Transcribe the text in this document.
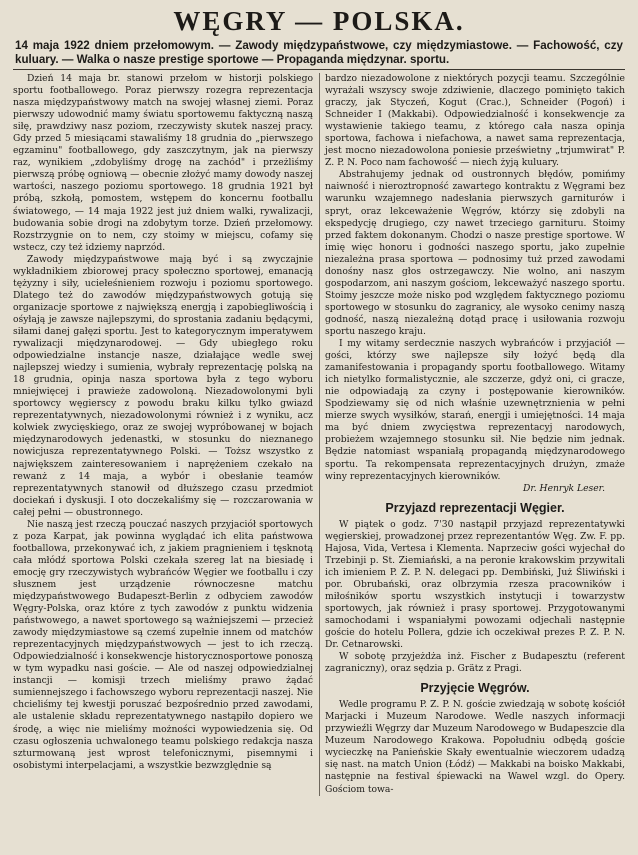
WĘGRY — POLSKA.
14 maja 1922 dniem przełomowym. — Zawody międzypaństwowe, czy międzymiastowe. — Fachowość, czy kuluary. — Walka o nasze prestige sportowe — Propaganda międzynar. sportu.

Dzień 14 maja br. stanowi przełom w historji polskiego sportu footballowego. Poraz pierwszy rozegra reprezentacja nasza międzypaństwowy match na swojej własnej ziemi. Poraz pierwszy udowodnić mamy światu sportowemu faktyczną naszą siłę, prawdziwy nasz poziom, rzeczywisty skutek naszej pracy. Gdy przed 5 miesiącami stawaliśmy 18 grudnia do „pierwszego egzaminu" footballowego, gdy zaszczytnym, jak na pierwszy raz, wynikiem „zdobyliśmy drogę na zachód" i przeżliśmy pierwszą próbę ogniową — obecnie złożyć mamy dowody naszej wartości, naszego poziomu sportowego. 18 grudnia 1921 był próbą, szkołą, pomostem, wstępem do koncernu footballu światowego, — 14 maja 1922 jest już dniem walki, rywalizacji, budowania sobie drogi na zdobytym torze. Dzień przełomowy. Rozstrzygnie on to nem, czy stoimy w miejscu, cofamy się wstecz, czy też idziemy naprzód.

Zawody międzypaństwowe mają być i są zwyczajnie wykładnikiem zbiorowej pracy społeczno sportowej, emanacją tężyzny i siły, uciełeśnieniem rozwoju i poziomu sportowego. Dlatego też do zawodów międzypaństwowych gotują się organizacje sportowe z największą energją i zapobiegliwością i ośyłają je zawsze najlepszymi, do sprostania zadaniu będącymi, siłami danej gałęzi sportu. Jest to kategorycznym imperatywem rywalizacji międzynarodowej. — Gdy ubiegłego roku odpowiedzialne instancje nasze, działające wedle swej najlepszej wiedzy i sumienia, wybrały reprezentację polską na 18 grudnia, opinja nasza sportowa była z tego wyboru mniejwięcej i prawieże zadowoloną. Niezadowolonymi byli sportowcy węgierscy z powodu braku kilku tylko gwiazd reprezentatywnych, niezadowolonymi również i z wyniku, acz kolwiek zwycięskiego, oraz ze swojej wypróbowanej w bojach międzynarodowych jedenastki, w stosunku do nieznanego nowicjusza reprezentatywnego Polski. — Toższ wszystko z największem zainteresowaniem i naprężeniem czekało na rewanż z 14 maja, a wybór i obesłanie teamów reprezentatywnych stanowił od dłuższego czasu przedmiot dociekań i dyskusji. I oto doczekaliśmy się — rozczarowania w całej pełni — obustronnego.

Nie naszą jest rzeczą pouczać naszych przyjaciół sportowych z poza Karpat, jak powinna wyglądać ich elita państwowa footballowa, przekonywać ich, z jakiem pragnieniem i tęsknotą cała młódź sportowa Polski czekała szereg lat na biesiadę i emocję gry rzeczywistych wybrańców Węgier we footballu i czy słusznem jest urządzenie równoczesne matchu międzypaństwowego Budapeszt-Berlin z odbyciem zawodów Węgry-Polska, oraz które z tych zawodów z punktu widzenia państwowego, a nawet sportowego są ważniejszemi — przecież zawody międzymiastowe są czemś zupełnie innem od matchów reprezentacyjnych międzypaństwowych — jest to ich rzeczą. Odpowiedzialność i konsekwencje historycznosportowe ponoszą w tym wypadku nasi goście. — Ale od naszej odpowiedzialnej instancji — komisji trzech mieliśmy prawo żądać sumiennejszego i fachowszego wyboru reprezentacji naszej. Nie chcieliśmy tej kwestji poruszać bezpośrednio przed zawodami, ale ustalenie składu reprezentatywnego nastąpiło dopiero we środę, a więc nie mieliśmy możności wypowiedzenia się. Od czasu ogłoszenia uchwalonego teamu polskiego redakcja nasza szturmowaną jest wprost telefonicznymi, pisemnymi i osobistymi interpelacjami, a wszystkie bezwzględnie są

bardzo niezadowolone z niektórych pozycji teamu. Szczególnie wyrażali wszyscy swoje zdziwienie, dlaczego pominięto takich graczy, jak Styczeń, Kogut (Crac.), Schneider (Pogoń) i Schneider I (Makkabi). Odpowiedzialność i konsekwencje za wystawienie takiego teamu, z którego cała nasza opinja sportowa, fachowa i niefachowa, a nawet sama reprezentacja, jest mocno niezadowolona poniesie prześwietny „trjumwirat" P. Z. P. N. Poco nam fachowość — niech żyją kuluary.

Abstrahujemy jednak od oustronnych błędów, pomińmy naiwność i nieroztropność zawartego kontraktu z Węgrami bez warunku wzajemnego nadesłania pierwszych garniturów i spryt, oraz lekceważenie Węgrów, którzy się zdobyli na ekspedycję drugiego, czy nawet trzeciego garnituru. Stoimy przed faktem dokonanym. Chodzi o nasze prestige sportowe. W imię więc honoru i godności naszego sportu, jako zupełnie niezależna prasa sportowa — podnosimy tuż przed zawodami donośny nasz głos ostrzegawczy. Nie wolno, ani naszym gospodarzom, ani naszym gościom, lekceważyć naszego sportu. Stoimy jeszcze może nisko pod względem faktycznego poziomu sportowego w stosunku do zagranicy, ale wysoko cenimy naszą godność, naszą niezależną dotąd pracę i usiłowania rozwoju sportu naszego kraju.

I my witamy serdecznie naszych wybrańców i przyjaciół — gości, którzy swe najlepsze siły łożyć będą dla zamanifestowania i propagandy sportu footballowego. Witamy ich nietylko formalistycznie, ale szczerze, gdyż oni, ci gracze, nie odpowiadają za czyny i postępowanie kierowników. Spodziewamy się od nich właśnie uzewnętrznienia w pełni mierze swych wysiłków, starań, energji i umiejętności. 14 maja ma być dniem zwycięstwa reprezentacyj narodowych, probieżem wzajemnego stosunku sił. Nie będzie nim jednak. Będzie natomiast wspaniałą propagandą międzynarodowego sportu. Ta rekompensata reprezentacyjnych drużyn, zmaże winy reprezentacyjnych kierowników.

Dr. Henryk Leser.
Przyjazd reprezentacji Węgier.

W piątek o godz. 7'30 nastąpił przyjazd reprezentatywki węgierskiej, prowadzonej przez reprezentantów Węg. Zw. F. pp. Hajosa, Vida, Vertesa i Klementa. Naprzeciw gości wyjechał do Trzebinji p. St. Ziemiański, a na peronie krakowskim przywitali ich imieniem P. Z. P. N. delegaci pp. Dembiński, Już Śliwiński i por. Obrubański, oraz olbrzymia rzesza pracowników i miłośników sportu wszystkich instytucji i towarzystw sportowych, jak również i prasy sportowej. Przygotowanymi samochodami i wspaniałymi powozami odjechali następnie goście do hotelu Pollera, gdzie ich oczekiwał prezes P. Z. P. N. Dr. Cetnarowski.

W sobotę przyjeżdża inż. Fischer z Budapesztu (referent zagraniczny), oraz sędzia p. Grätz z Pragi.

Przyjęcie Węgrów.

Wedle programu P. Z. P. N. goście zwiedzają w sobotę kościół Marjacki i Muzeum Narodowe. Wedle naszych informacji przywieźli Węgrzy dar Muzeum Narodowego w Budapeszcie dla Muzeum Narodowego Krakowa. Popołudniu odbędą goście wycieczkę na Panieńskie Skały ewentualnie wieczorem udadzą się nast. na match Union (Łódź) — Makkabi na boisko Makkabi, następnie na festival śpiewacki na Wawel wzgl. do Opery. Gościom towa-
